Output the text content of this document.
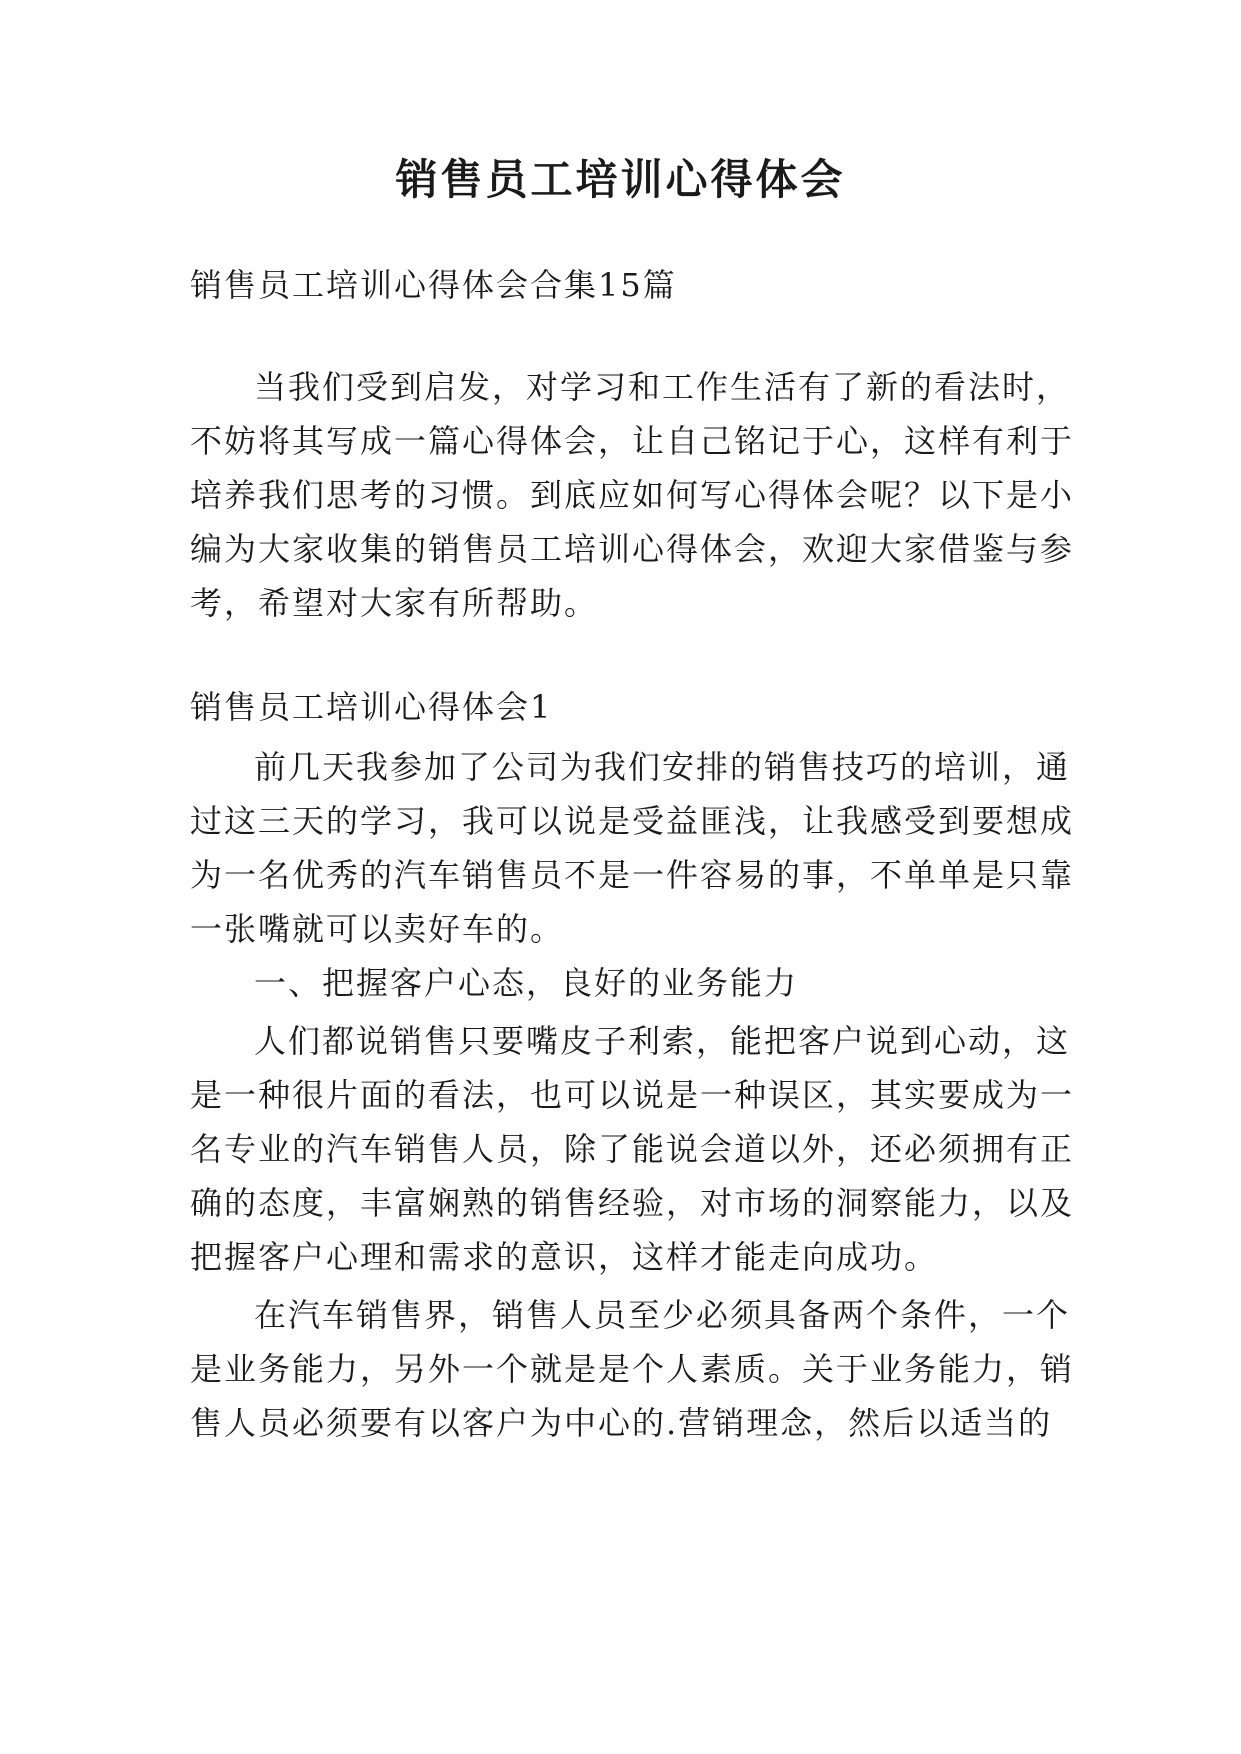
销售员工培训心得体会
销售员工培训心得体会合集15篇
当我们受到启发，对学习和工作生活有了新的看法时，
不妨将其写成一篇心得体会，让自己铭记于心，这样有利于
培养我们思考的习惯。到底应如何写心得体会呢？以下是小
编为大家收集的销售员工培训心得体会，欢迎大家借鉴与参
考，希望对大家有所帮助。
销售员工培训心得体会1
前几天我参加了公司为我们安排的销售技巧的培训，通
过这三天的学习，我可以说是受益匪浅，让我感受到要想成
为一名优秀的汽车销售员不是一件容易的事，不单单是只靠
一张嘴就可以卖好车的。
一、把握客户心态，良好的业务能力
人们都说销售只要嘴皮子利索，能把客户说到心动，这
是一种很片面的看法，也可以说是一种误区，其实要成为一
名专业的汽车销售人员，除了能说会道以外，还必须拥有正
确的态度，丰富娴熟的销售经验，对市场的洞察能力，以及
把握客户心理和需求的意识，这样才能走向成功。
在汽车销售界，销售人员至少必须具备两个条件，一个
是业务能力，另外一个就是是个人素质。关于业务能力，销
售人员必须要有以客户为中心的.营销理念，然后以适当的
